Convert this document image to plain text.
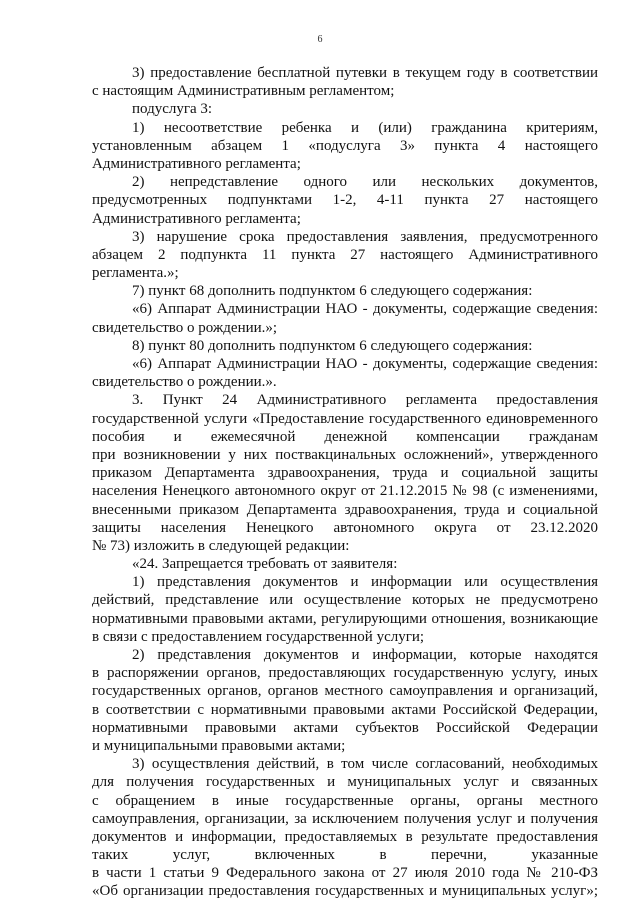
6
3) предоставление бесплатной путевки в текущем году в соответствии
с настоящим Административным регламентом;
подуслуга 3:
1) несоответствие ребенка и (или) гражданина критериям,
установленным абзацем 1 «подуслуга 3» пункта 4 настоящего
Административного регламента;
2) непредставление одного или нескольких документов,
предусмотренных подпунктами 1-2, 4-11 пункта 27 настоящего
Административного регламента;
3) нарушение срока предоставления заявления, предусмотренного
абзацем 2 подпункта 11 пункта 27 настоящего Административного
регламента.»;
7) пункт 68 дополнить подпунктом 6 следующего содержания:
«6) Аппарат Администрации НАО - документы, содержащие сведения:
свидетельство о рождении.»;
8) пункт 80 дополнить подпунктом 6 следующего содержания:
«6) Аппарат Администрации НАО - документы, содержащие сведения:
свидетельство о рождении.».
3. Пункт 24 Административного регламента предоставления
государственной услуги «Предоставление государственного единовременного
пособия и ежемесячной денежной компенсации гражданам
при возникновении у них поствакцинальных осложнений», утвержденного
приказом Департамента здравоохранения, труда и социальной защиты
населения Ненецкого автономного округ от 21.12.2015 № 98 (с изменениями,
внесенными приказом Департамента здравоохранения, труда и социальной
защиты населения Ненецкого автономного округа от 23.12.2020
№ 73) изложить в следующей редакции:
«24. Запрещается требовать от заявителя:
1) представления документов и информации или осуществления
действий, представление или осуществление которых не предусмотрено
нормативными правовыми актами, регулирующими отношения, возникающие
в связи с предоставлением государственной услуги;
2) представления документов и информации, которые находятся
в распоряжении органов, предоставляющих государственную услугу, иных
государственных органов, органов местного самоуправления и организаций,
в соответствии с нормативными правовыми актами Российской Федерации,
нормативными правовыми актами субъектов Российской Федерации
и муниципальными правовыми актами;
3) осуществления действий, в том числе согласований, необходимых
для получения государственных и муниципальных услуг и связанных
с обращением в иные государственные органы, органы местного
самоуправления, организации, за исключением получения услуг и получения
документов и информации, предоставляемых в результате предоставления
таких услуг, включенных в перечни, указанные
в части 1 статьи 9 Федерального закона от 27 июля 2010 года № 210-ФЗ
«Об организации предоставления государственных и муниципальных услуг»;
